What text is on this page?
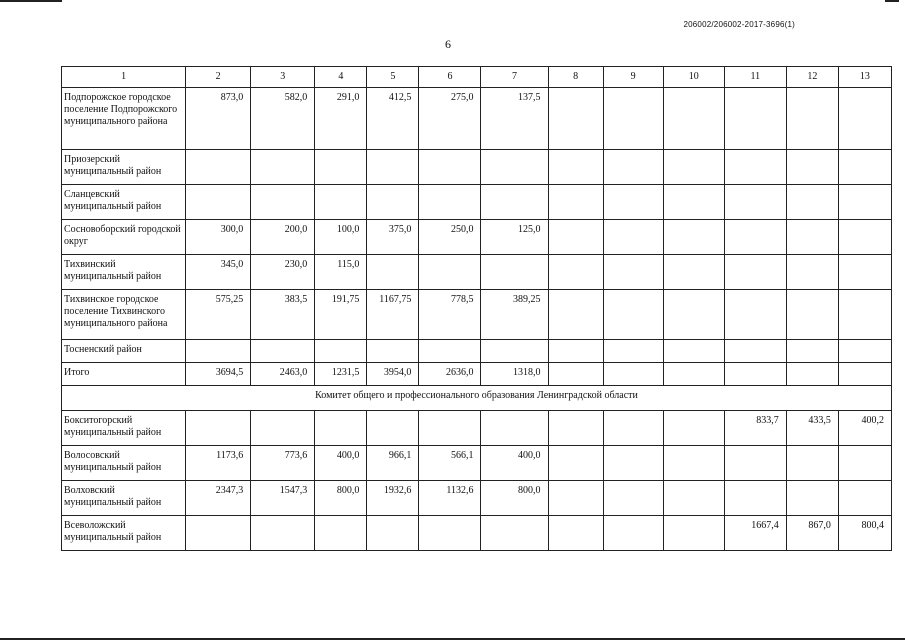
206002/206002-2017-3696(1)
6
1	2	3	4	5	6	7	8	9	10	11	12	13
Подпорожское городское поселение Подпорожского муниципального района	873,0	582,0	291,0	412,5	275,0	137,5						
Приозерский муниципальный район												
Сланцевский муниципальный район												
Сосновоборский городской округ	300,0	200,0	100,0	375,0	250,0	125,0						
Тихвинский муниципальный район	345,0	230,0	115,0									
Тихвинское городское поселение Тихвинского муниципального района	575,25	383,5	191,75	1167,75	778,5	389,25						
Тосненский район												
Итого	3694,5	2463,0	1231,5	3954,0	2636,0	1318,0						
Комитет общего и профессионального образования Ленинградской области												
Бокситогорский муниципальный район										833,7	433,5	400,2
Волосовский муниципальный район	1173,6	773,6	400,0	966,1	566,1	400,0						
Волховский муниципальный район	2347,3	1547,3	800,0	1932,6	1132,6	800,0						
Всеволожский муниципальный район										1667,4	867,0	800,4
